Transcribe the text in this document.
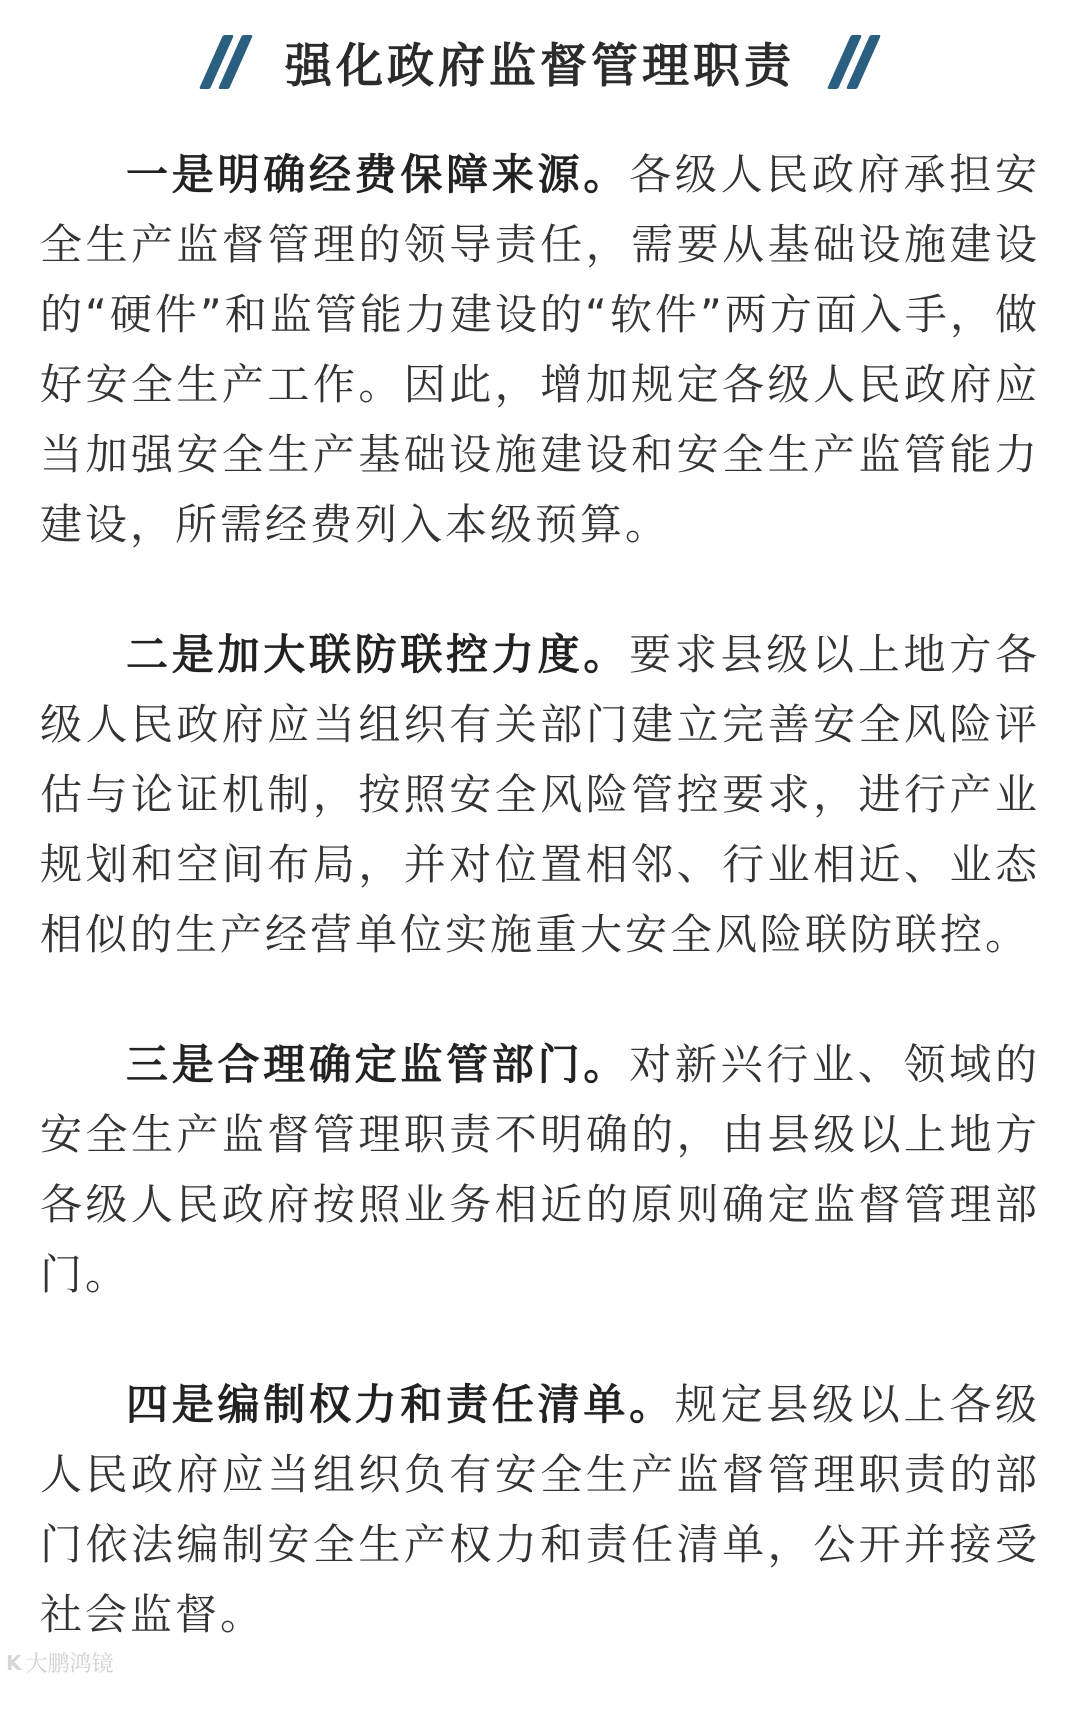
强化政府监督管理职责

一是明确经费保障来源。各级人民政府承担安全生产监督管理的领导责任，需要从基础设施建设的“硬件”和监管能力建设的“软件”两方面入手，做好安全生产工作。因此，增加规定各级人民政府应当加强安全生产基础设施建设和安全生产监管能力建设，所需经费列入本级预算。

二是加大联防联控力度。要求县级以上地方各级人民政府应当组织有关部门建立完善安全风险评估与论证机制，按照安全风险管控要求，进行产业规划和空间布局，并对位置相邻、行业相近、业态相似的生产经营单位实施重大安全风险联防联控。

三是合理确定监管部门。对新兴行业、领域的安全生产监督管理职责不明确的，由县级以上地方各级人民政府按照业务相近的原则确定监督管理部门。

四是编制权力和责任清单。规定县级以上各级人民政府应当组织负有安全生产监督管理职责的部门依法编制安全生产权力和责任清单，公开并接受社会监督。

K 大鹏鸿镜
